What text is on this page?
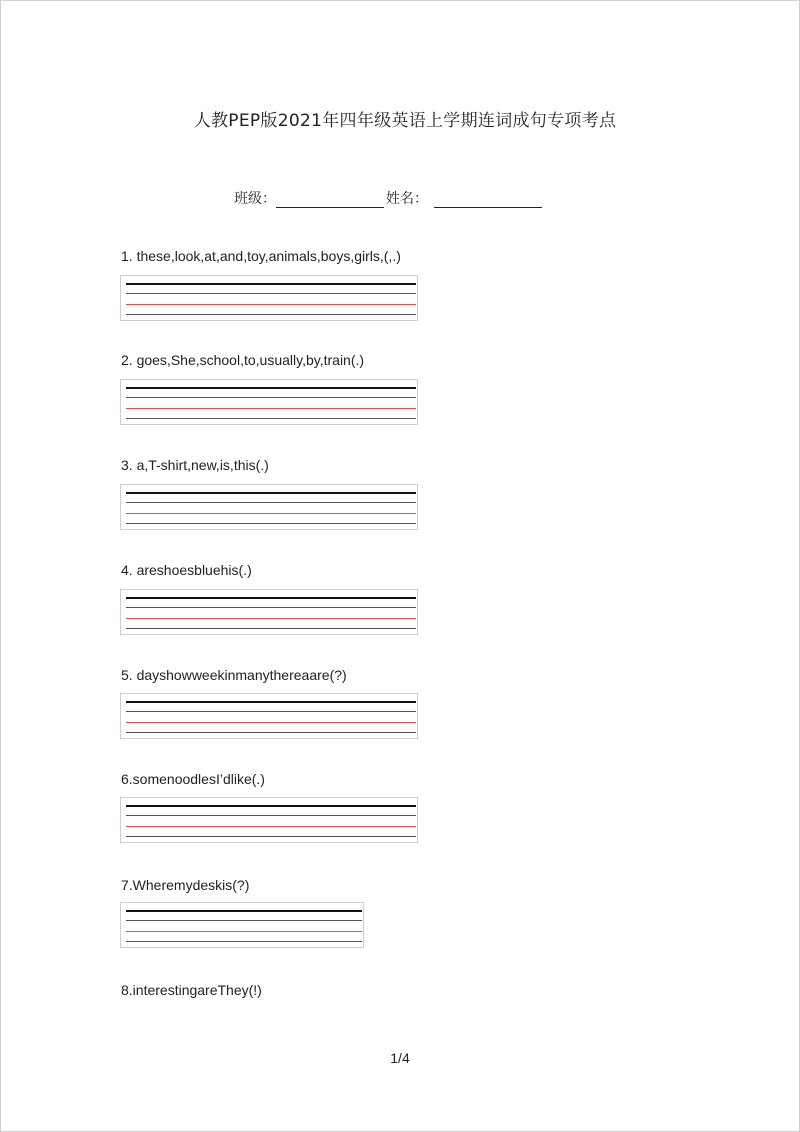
人教PEP版2021年四年级英语上学期连词成句专项考点
班级：	姓名：
1. these,look,at,and,toy,animals,boys,girls,(,.)
2. goes,She,school,to,usually,by,train(.)
3. a,T-shirt,new,is,this(.)
4. areshoesbluehis(.)
5. dayshowweekinmanythereaare(?)
6.somenoodlesI’dlike(.)
7.Wheremydeskis(?)
8.interestingareThey(!)
1/4
